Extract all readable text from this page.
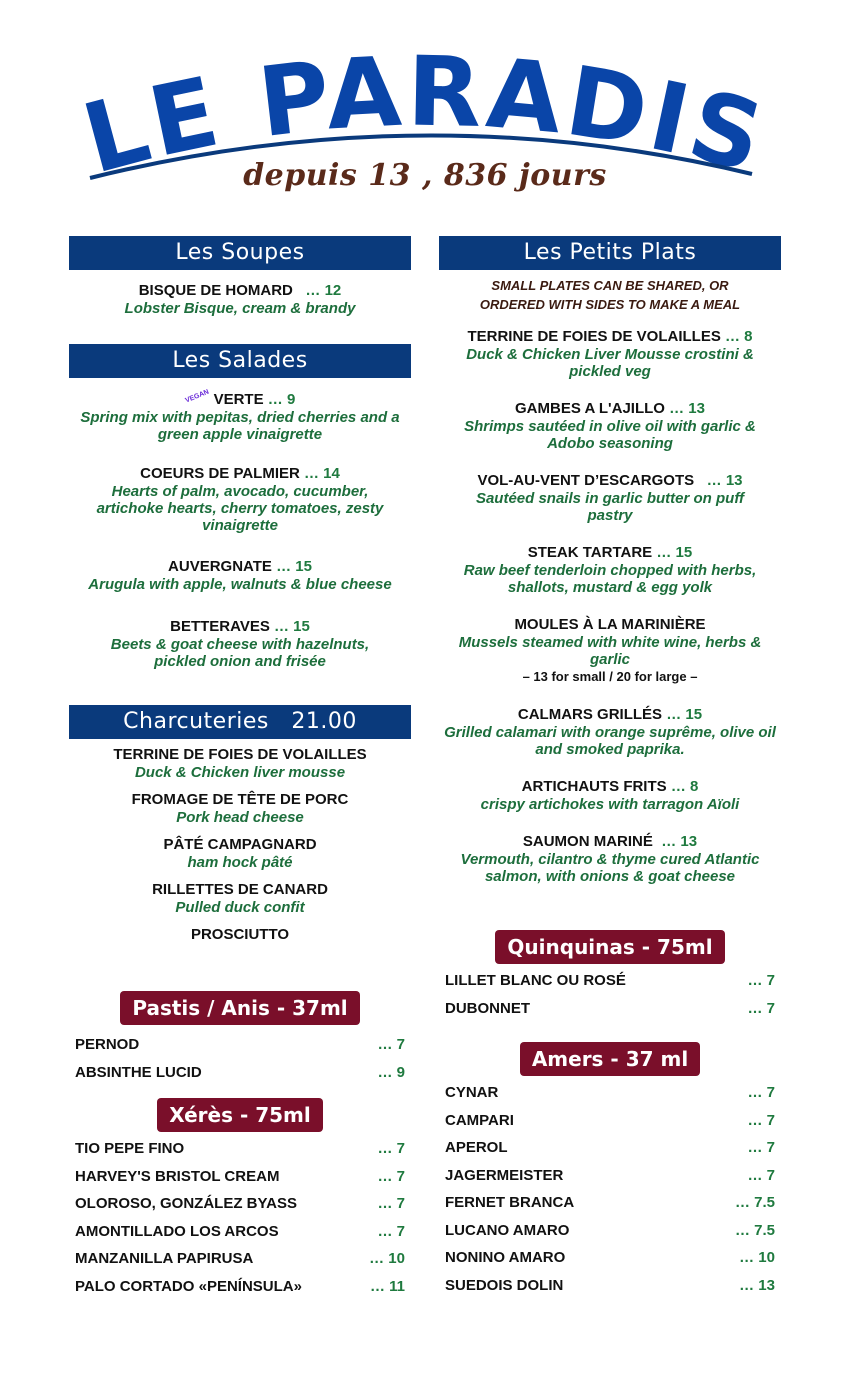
LE PARADIS
depuis 13 , 836 jours
Les Soupes
BISQUE DE HOMARD … 12
Lobster Bisque, cream & brandy
Les Salades
VEGAN VERTE … 9
Spring mix with pepitas, dried cherries and a green apple vinaigrette
COEURS DE PALMIER … 14
Hearts of palm, avocado, cucumber, artichoke hearts, cherry tomatoes, zesty vinaigrette
AUVERGNATE … 15
Arugula with apple, walnuts & blue cheese
BETTERAVES … 15
Beets & goat cheese with hazelnuts, pickled onion and frisée
Charcuteries 21.00
TERRINE DE FOIES DE VOLAILLES
Duck & Chicken liver mousse
FROMAGE DE TÊTE DE PORC
Pork head cheese
PÂTÉ CAMPAGNARD
ham hock pâté
RILLETTES DE CANARD
Pulled duck confit
PROSCIUTTO
Pastis / Anis - 37ml
PERNOD	… 7
ABSINTHE LUCID	… 9
Xérès - 75ml
TIO PEPE FINO	… 7
HARVEY'S BRISTOL CREAM	… 7
OLOROSO, GONZÁLEZ BYASS	… 7
AMONTILLADO LOS ARCOS	… 7
MANZANILLA PAPIRUSA	… 10
PALO CORTADO «PENÍNSULA»	… 11
Les Petits Plats
SMALL PLATES CAN BE SHARED, OR ORDERED WITH SIDES TO MAKE A MEAL
TERRINE DE FOIES DE VOLAILLES … 8
Duck & Chicken Liver Mousse crostini & pickled veg
GAMBES A L'AJILLO … 13
Shrimps sautéed in olive oil with garlic & Adobo seasoning
VOL-AU-VENT D’ESCARGOTS … 13
Sautéed snails in garlic butter on puff pastry
STEAK TARTARE … 15
Raw beef tenderloin chopped with herbs, shallots, mustard & egg yolk
MOULES À LA MARINIÈRE
Mussels steamed with white wine, herbs & garlic
– 13 for small / 20 for large –
CALMARS GRILLÉS … 15
Grilled calamari with orange suprême, olive oil and smoked paprika.
ARTICHAUTS FRITS … 8
crispy artichokes with tarragon Aïoli
SAUMON MARINÉ … 13
Vermouth, cilantro & thyme cured Atlantic salmon, with onions & goat cheese
Quinquinas - 75ml
LILLET BLANC OU ROSÉ	… 7
DUBONNET	… 7
Amers - 37 ml
CYNAR	… 7
CAMPARI	… 7
APEROL	… 7
JAGERMEISTER	… 7
FERNET BRANCA	… 7.5
LUCANO AMARO	… 7.5
NONINO AMARO	… 10
SUEDOIS DOLIN	… 13
